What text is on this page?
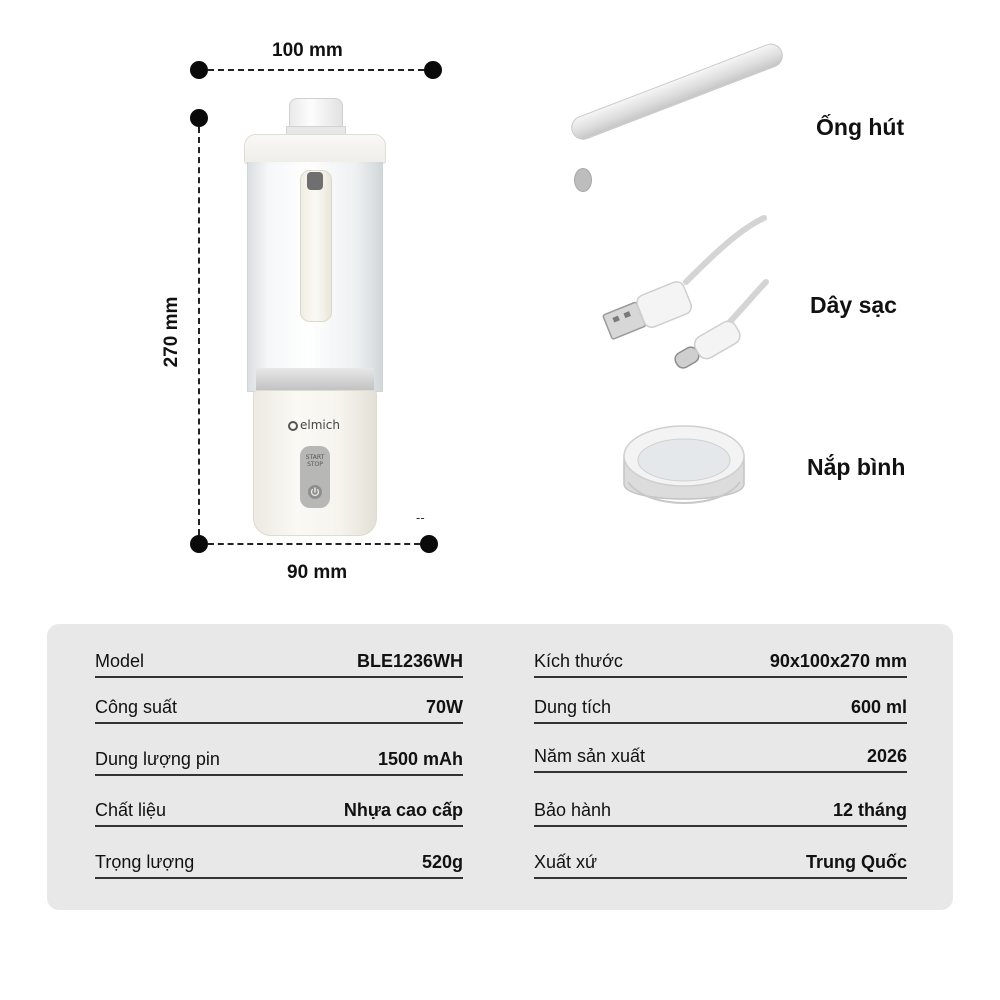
100 mm
270 mm
90 mm
--
elmich
START
STOP
Ống hút
Dây sạc
Nắp bình
Model	BLE1236WH
Công suất	70W
Dung lượng pin	1500 mAh
Chất liệu	Nhựa cao cấp
Trọng lượng	520g
Kích thước	90x100x270 mm
Dung tích	600 ml
Năm sản xuất	2026
Bảo hành	12 tháng
Xuất xứ	Trung Quốc
